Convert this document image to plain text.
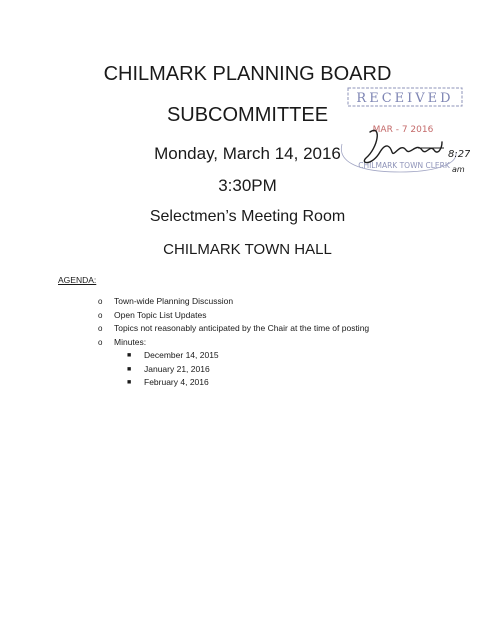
CHILMARK PLANNING BOARD
SUBCOMMITTEE
Monday, March 14, 2016
3:30PM
Selectmen’s Meeting Room
CHILMARK TOWN HALL
RECEIVED
MAR - 7 2016
CHILMARK TOWN CLERK
8:27
am
AGENDA:
o Town-wide Planning Discussion
o Open Topic List Updates
o Topics not reasonably anticipated by the Chair at the time of posting
o Minutes:
■ December 14, 2015
■ January 21, 2016
■ February 4, 2016
